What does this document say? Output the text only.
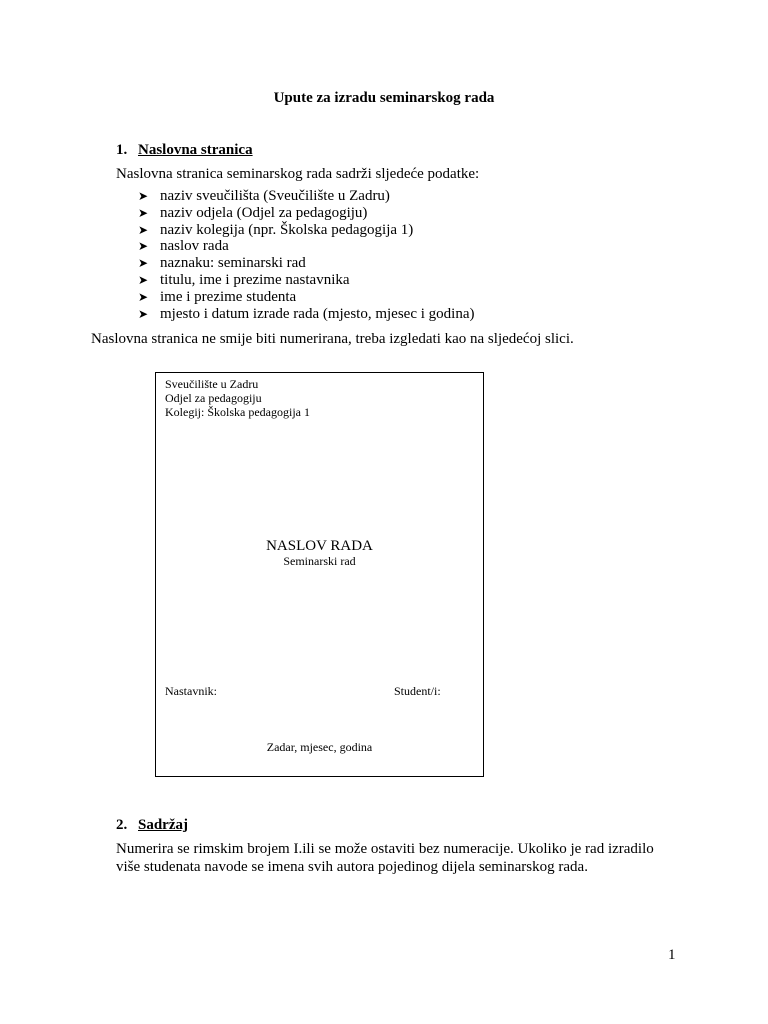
Upute za izradu seminarskog rada
1. Naslovna stranica

Naslovna stranica seminarskog rada sadrži sljedeće podatke:

➤ naziv sveučilišta (Sveučilište u Zadru)
➤ naziv odjela (Odjel za pedagogiju)
➤ naziv kolegija (npr. Školska pedagogija 1)
➤ naslov rada
➤ naznaku: seminarski rad
➤ titulu, ime i prezime nastavnika
➤ ime i prezime studenta
➤ mjesto i datum izrade rada (mjesto, mjesec i godina)

Naslovna stranica ne smije biti numerirana, treba izgledati kao na sljedećoj slici.

Sveučilište u Zadru
Odjel za pedagogiju
Kolegij: Školska pedagogija 1
NASLOV RADA
Seminarski rad
Nastavnik:	Student/i:
Zadar, mjesec, godina
2. Sadržaj

Numerira se rimskim brojem I.ili se može ostaviti bez numeracije. Ukoliko je rad izradilo

više studenata navode se imena svih autora pojedinog dijela seminarskog rada.

1
